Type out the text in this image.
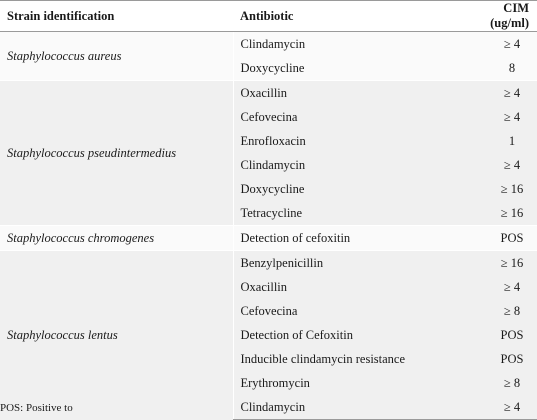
Strain identification	Antibiotic	CIM (ug/ml)
Staphylococcus aureus	Clindamycin	≥ 4
	Doxycycline	8
Staphylococcus pseudintermedius	Oxacillin	≥ 4
	Cefovecina	≥ 4
	Enrofloxacin	1
	Clindamycin	≥ 4
	Doxycycline	≥ 16
	Tetracycline	≥ 16
Staphylococcus chromogenes	Detection of cefoxitin	POS
Staphylococcus lentus	Benzylpenicillin	≥ 16
	Oxacillin	≥ 4
	Cefovecina	≥ 8
	Detection of Cefoxitin	POS
	Inducible clindamycin resistance	POS
	Erythromycin	≥ 8
	Clindamycin	≥ 4
POS: Positive to
